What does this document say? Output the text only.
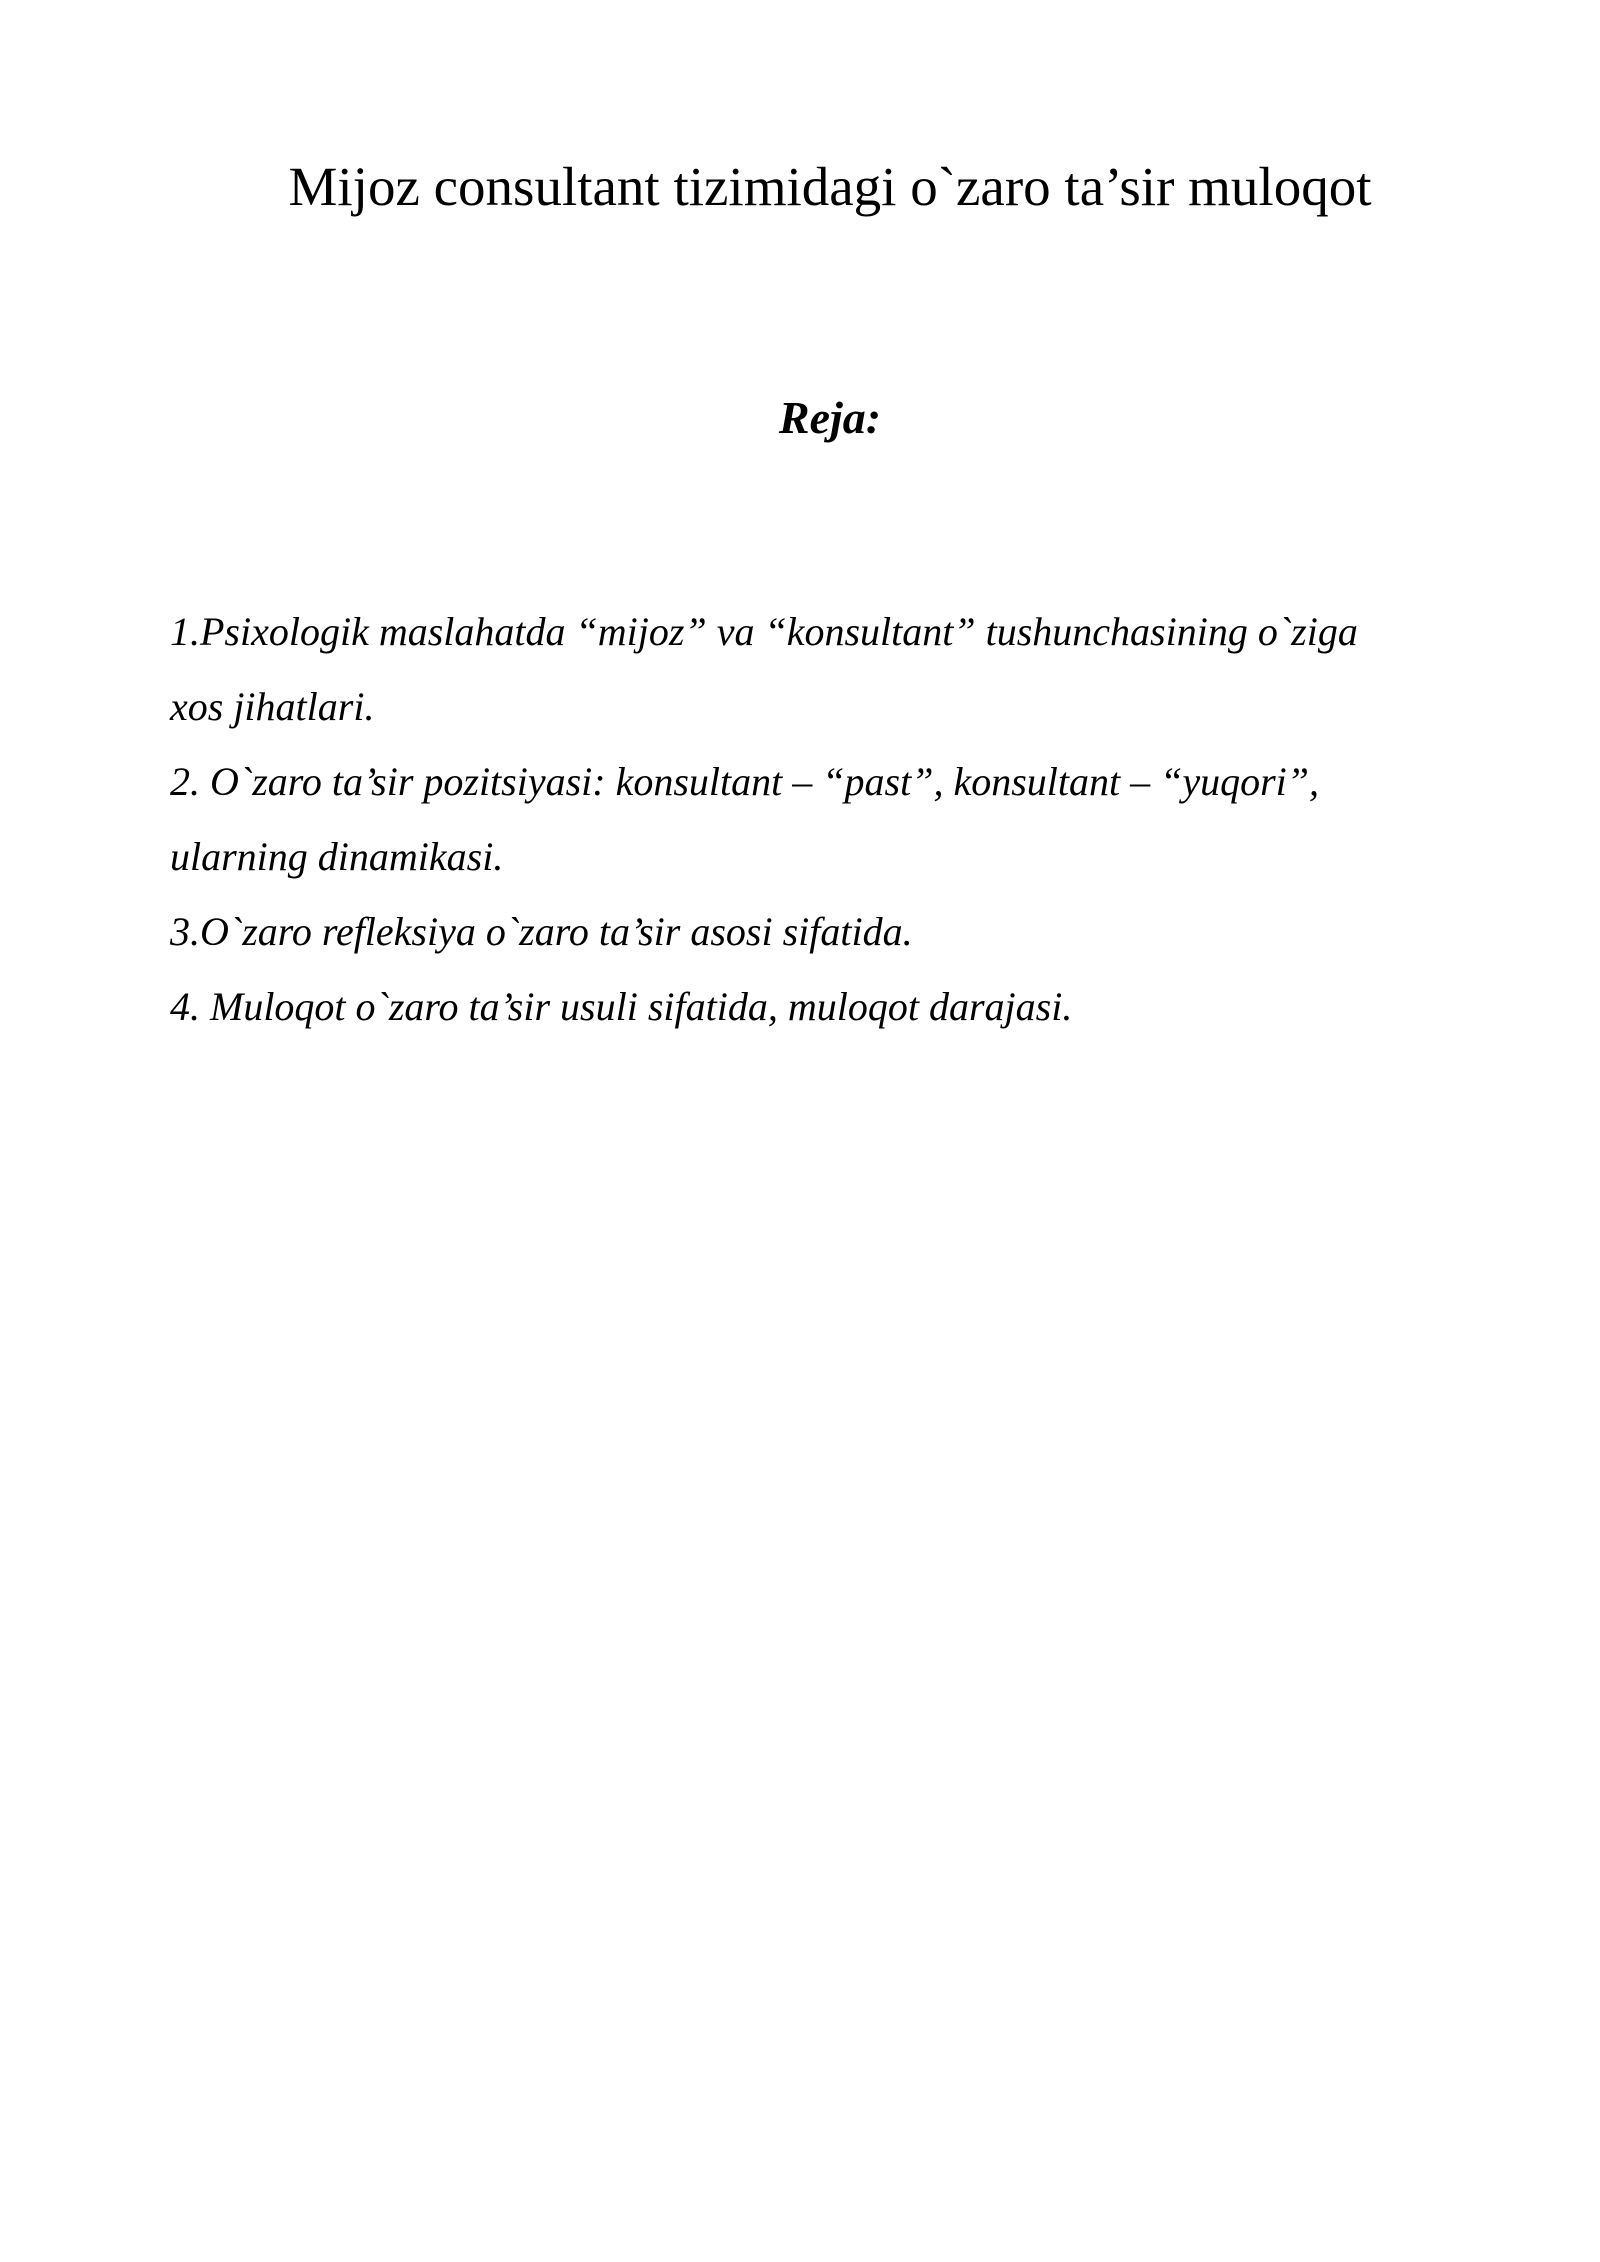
Mijoz consultant tizimidagi o`zaro ta’sir muloqot
Reja:
1.Psixologik maslahatda “mijoz” va “konsultant” tushunchasining o`ziga
xos jihatlari.
2. O`zaro ta’sir pozitsiyasi: konsultant – “past”, konsultant – “yuqori”,
ularning dinamikasi.
3.O`zaro refleksiya o`zaro ta’sir asosi sifatida.
4. Muloqot o`zaro ta’sir usuli sifatida, muloqot darajasi.
